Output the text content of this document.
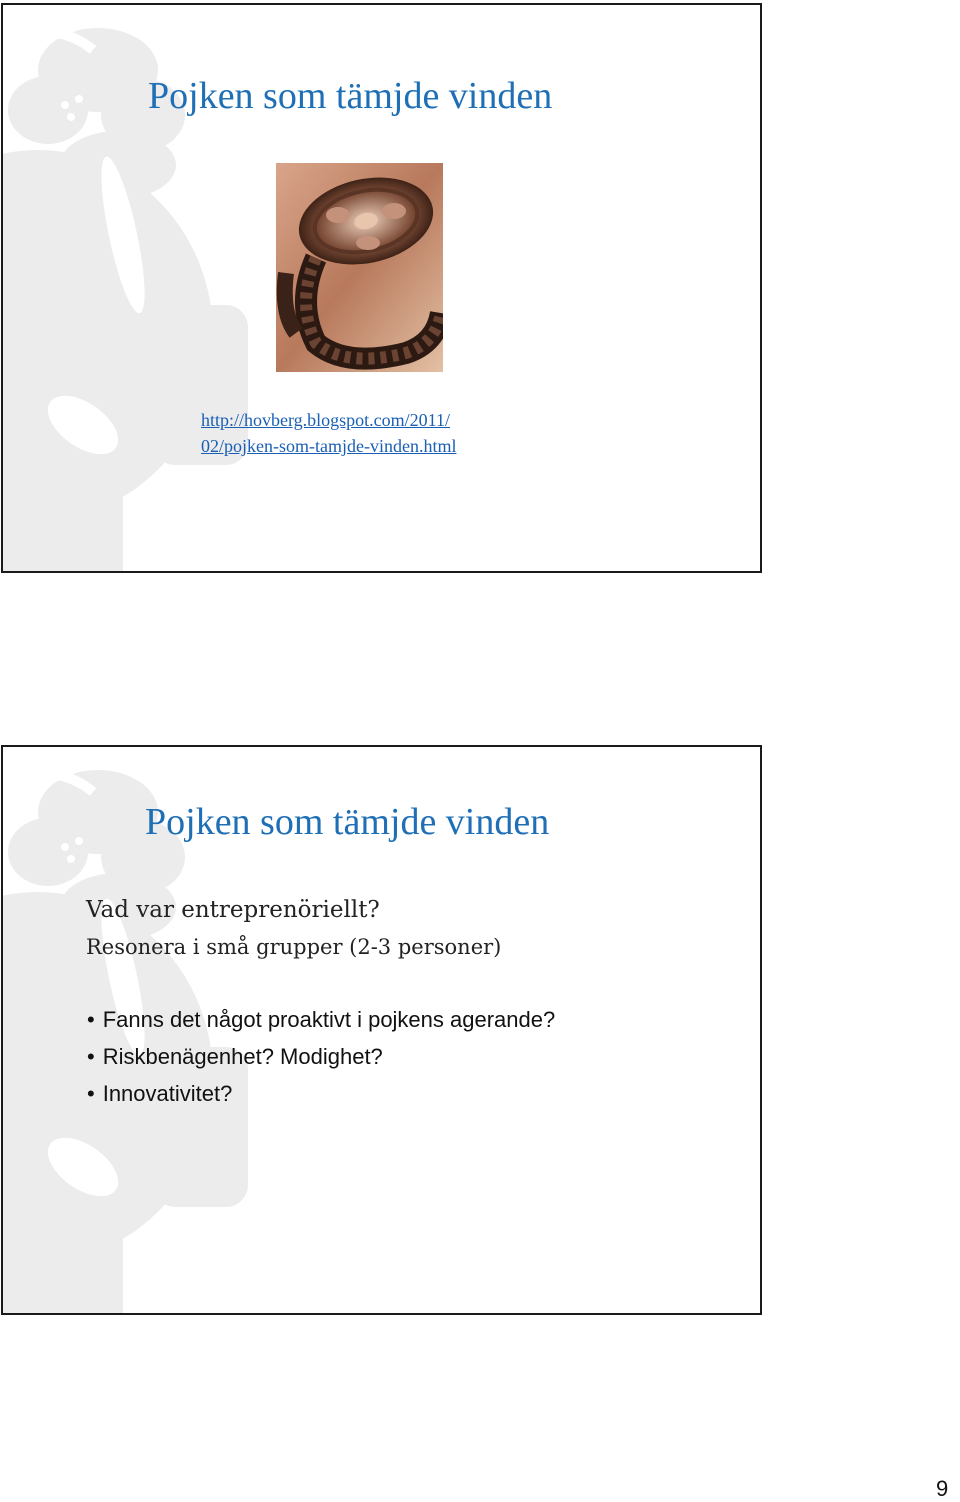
Pojken som tämjde vinden
http://hovberg.blogspot.com/2011/
02/pojken-som-tamjde-vinden.html
Pojken som tämjde vinden
Vad var entreprenöriellt?
Resonera i små grupper (2-3 personer)
• Fanns det något proaktivt i pojkens agerande?
• Riskbenägenhet? Modighet?
• Innovativitet?
9
